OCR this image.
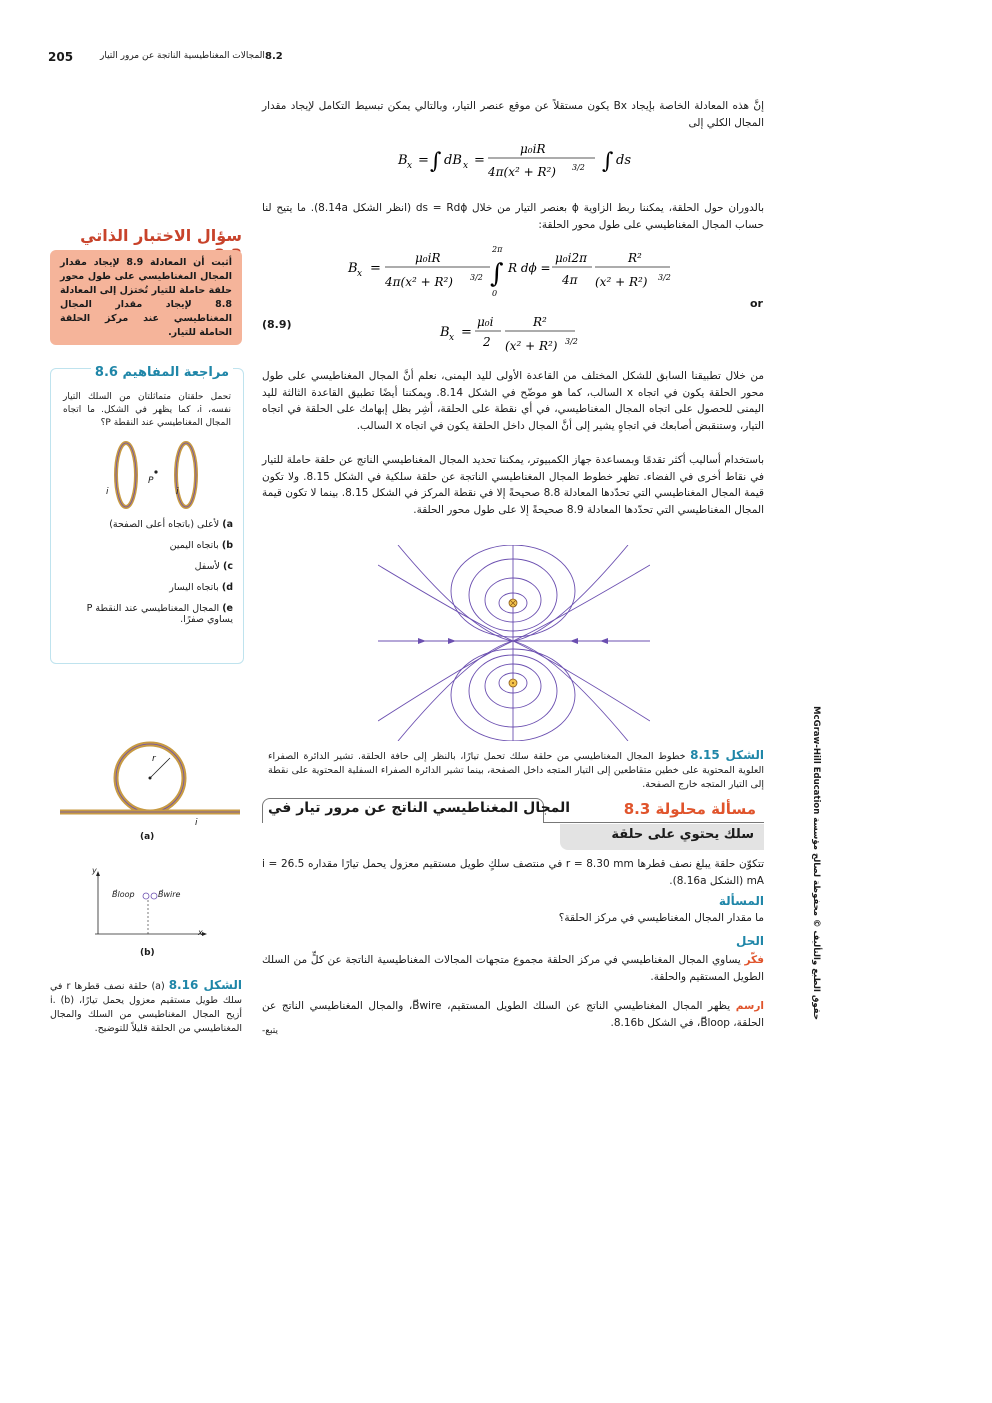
205	المجالات المغناطيسية الناتجة عن مرور التيار 8.2

إنَّ هذه المعادلة الخاصة بإيجاد Bx يكون مستقلاً عن موقع عنصر التيار، وبالتالي يمكن تبسيط التكامل لإيجاد مقدار المجال الكلي إلى

B x = ∫ dB x =
μ₀iR
4π(x² + R²) 3/2 ∫ ds

بالدوران حول الحلقة، يمكننا ربط الزاوية ϕ بعنصر التيار من خلال ds = Rdϕ (انظر الشكل 8.14a). ما يتيح لنا حساب المجال المغناطيسي على طول محور الحلقة:

B x =
μ₀iR
4π(x² + R²) 3/2
2π
∫
0
R dϕ =
μ₀i2π
4π
R²
(x² + R²) 3/2
or
(8.9)
B x =
μ₀i
2
R²
(x² + R²) 3/2

من خلال تطبيقنا السابق للشكل المختلف من القاعدة الأولى لليد اليمنى، نعلم أنَّ المجال المغناطيسي على طول محور الحلقة يكون في اتجاه x السالب، كما هو موضّح في الشكل 8.14. ويمكننا أيضًا تطبيق القاعدة الثالثة لليد اليمنى للحصول على اتجاه المجال المغناطيسي، في أي نقطة على الحلقة، أشِر بظل إبهامك على الحلقة في اتجاه التيار، وستنقبض أصابعك في اتجاهٍ يشير إلى أنَّ المجال داخل الحلقة يكون في اتجاه x السالب.

باستخدام أساليب أكثر تقدمًا وبمساعدة جهاز الكمبيوتر، يمكننا تحديد المجال المغناطيسي الناتج عن حلقة حاملة للتيار في نقاط أخرى في الفضاء. تظهر خطوط المجال المغناطيسي الناتجة عن حلقة سلكية في الشكل 8.15. ولا تكون قيمة المجال المغناطيسي التي تحدّدها المعادلة 8.8 صحيحةً إلا في نقطة المركز في الشكل 8.15. بينما لا تكون قيمة المجال المغناطيسي التي تحدّدها المعادلة 8.9 صحيحةً إلا على طول محور الحلقة.

الشكل 8.15 خطوط المجال المغناطيسي من حلقة سلك تحمل تيارًا، بالنظر إلى حافة الحلقة. تشير الدائرة الصفراء العلوية المحتوية على خطين متقاطعين إلى التيار المتجه داخل الصفحة، بينما تشير الدائرة الصفراء السفلية المحتوية على نقطة إلى التيار المتجه خارج الصفحة.
المجال المغناطيسي الناتج عن مرور تيار في	مسألة محلولة 8.3
سلك يحتوي على حلقة

تتكوّن حلقة يبلغ نصف قطرها r = 8.30 mm في منتصف سلكٍ طويل مستقيم معزول يحمل تيارًا مقداره i = 26.5 mA (الشكل 8.16a).

المسألة

ما مقدار المجال المغناطيسي في مركز الحلقة؟

الحل

فكّر يساوي المجال المغناطيسي في مركز الحلقة مجموع متجهات المجالات المغناطيسية الناتجة عن كلٍّ من السلك الطويل المستقيم والحلقة.

ارسم يظهر المجال المغناطيسي الناتج عن السلك الطويل المستقيم، B⃗wire، والمجال المغناطيسي الناتج عن الحلقة، B⃗loop، في الشكل 8.16b.

-يتبع
سؤال الاختبار الذاتي

أثبت أن المعادلة 8.9 لإيجاد مقدار المجال المغناطيسي على طول محور حلقة حاملة للتيار تُختزل إلى المعادلة 8.8 لإيجاد مقدار المجال المغناطيسي عند مركز الحلقة الحاملة للتيار.

مراجعة المفاهيم 8.6

تحمل حلقتان متماثلتان من السلك التيار نفسه، i، كما يظهر في الشكل. ما اتجاه المجال المغناطيسي عند النقطة P؟

P
i	i
a) لأعلى (باتجاه أعلى الصفحة)
b) باتجاه اليمين
c) لأسفل
d) باتجاه اليسار
e) المجال المغناطيسي عند النقطة P يساوي صفرًا.
r
i
(a)
y
x
B⃗loop	B⃗wire
(b)
الشكل 8.16 (a) حلقة نصف قطرها r في سلك طويل مستقيم معزول يحمل تيارًا، i. (b) أزيح المجال المغناطيسي من السلك والمجال المغناطيسي من الحلقة قليلاً للتوضيح.
حقوق الطبع والتأليف © محفوظة لصالح مؤسسة McGraw-Hill Education
